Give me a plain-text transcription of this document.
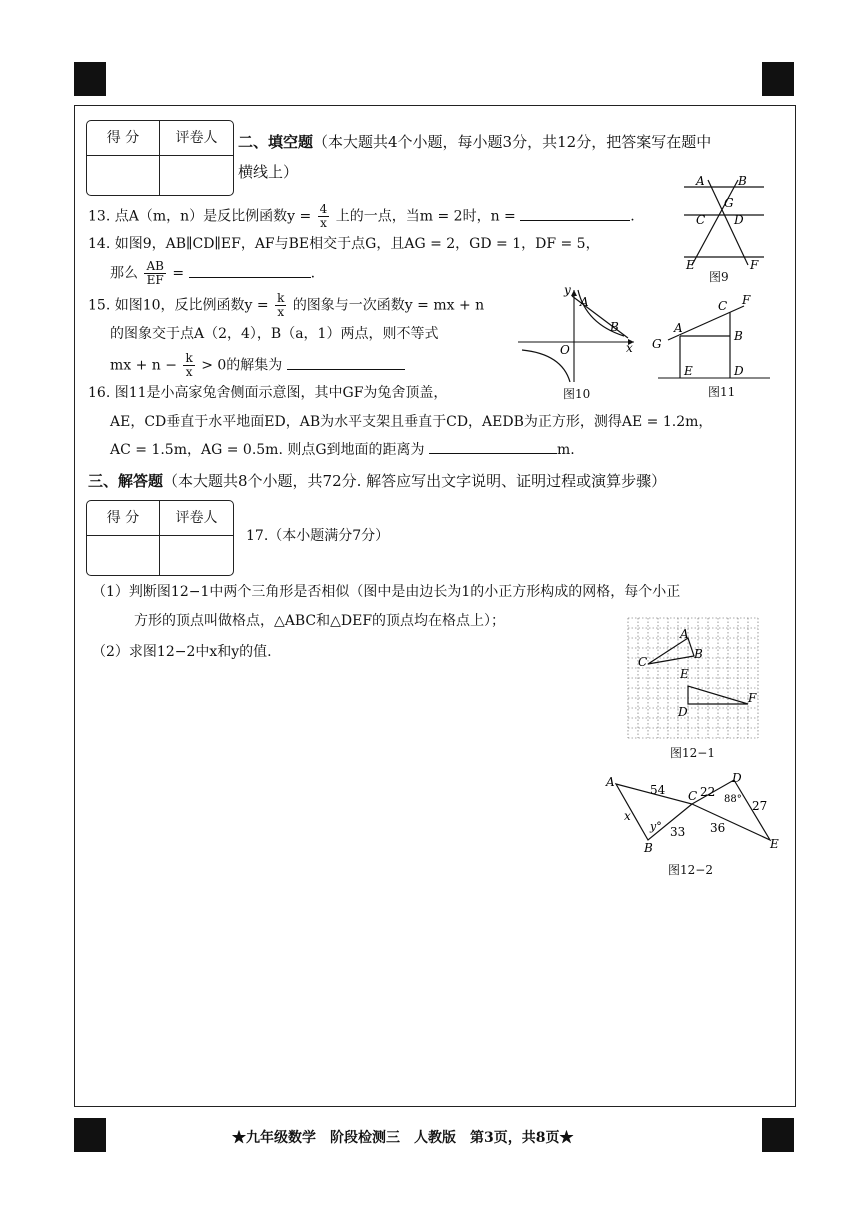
得 分	评卷人	二、填空题（本大题共4个小题，每小题3分，共12分，把答案写在题中
横线上）
13. 点A（m，n）是反比例函数$y = \frac{4}{x}$ 上的一点，当m = 2时，n =	.
14. 如图9，AB∥CD∥EF，AF与BE相交于点G，且AG = 2，GD = 1，DF = 5，
那么 $\frac{AB}{EF}$ =	.
15. 如图10，反比例函数$y = \frac{k}{x}$ 的图象与一次函数y = mx + n
的图象交于点A（2，4），B（a，1）两点，则不等式
mx + $n - \frac{k}{x} > 0$的解集为
16. 图11是小高家兔舍侧面示意图，其中GF为兔舍顶盖，
AE，CD垂直于水平地面ED，AB为水平支架且垂直于CD，AEDB为正方形，测得AE = 1.2m，
AC = 1.5m，AG = 0.5m. 则点G到地面的距离为	m.
三、解答题（本大题共8个小题，共72分. 解答应写出文字说明、证明过程或演算步骤）
得 分	评卷人
17.（本小题满分7分）
（1）判断图12−1中两个三角形是否相似（图中是由边长为1的小正方形构成的网格，每个小正
方形的顶点叫做格点，△ABC和△DEF的顶点均在格点上）；
（2）求图12−2中x和y的值.
A	B
G
C D
E	F
图9
y
A
B
O	x
图10
C F
A
G
B
E	D
图11
A
B
C
E
D
F
图12−1
A
B
C
D
E
x
y°
54	22
88° 27
33 36
图12−2
★九年级数学　阶段检测三　人教版　第3页，共8页★
